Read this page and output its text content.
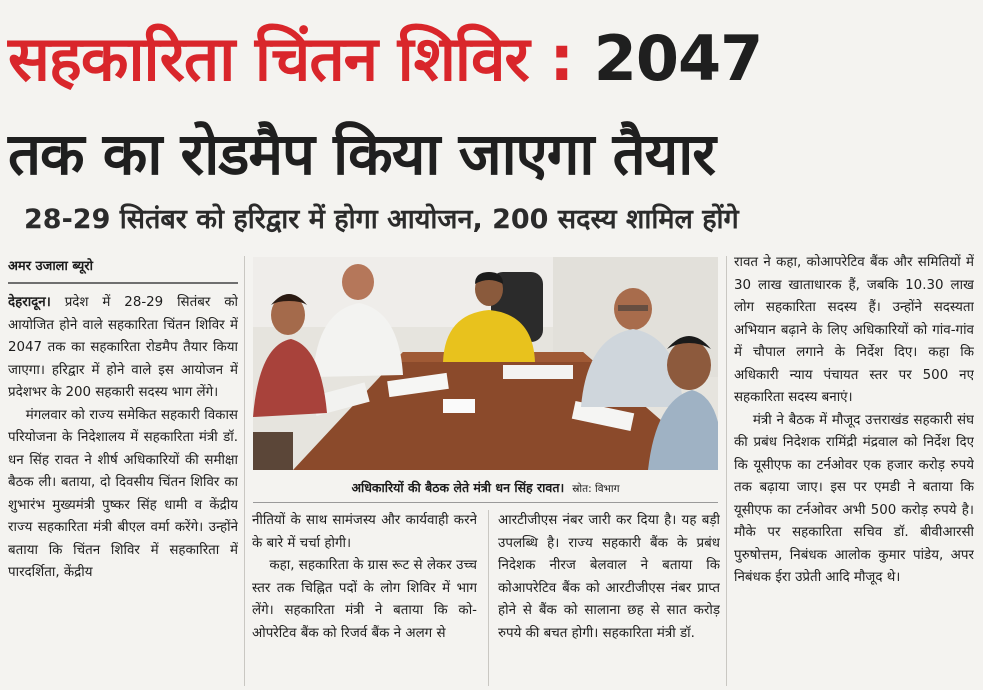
सहकारिता चिंतन शिविर : 2047
तक का रोडमैप किया जाएगा तैयार
28-29 सितंबर को हरिद्वार में होगा आयोजन, 200 सदस्य शामिल होंगे
अमर उजाला ब्यूरो

देहरादून। प्रदेश में 28-29 सितंबर को आयोजित होने वाले सहकारिता चिंतन शिविर में 2047 तक का सहकारिता रोडमैप तैयार किया जाएगा। हरिद्वार में होने वाले इस आयोजन में प्रदेशभर के 200 सहकारी सदस्य भाग लेंगे।

मंगलवार को राज्य समेकित सहकारी विकास परियोजना के निदेशालय में सहकारिता मंत्री डॉ. धन सिंह रावत ने शीर्ष अधिकारियों की समीक्षा बैठक ली। बताया, दो दिवसीय चिंतन शिविर का शुभारंभ मुख्यमंत्री पुष्कर सिंह धामी व केंद्रीय राज्य सहकारिता मंत्री बीएल वर्मा करेंगे। उन्होंने बताया कि चिंतन शिविर में सहकारिता में पारदर्शिता, केंद्रीय

अधिकारियों की बैठक लेते मंत्री धन सिंह रावत। स्रोत: विभाग

नीतियों के साथ सामंजस्य और कार्यवाही करने के बारे में चर्चा होगी।

कहा, सहकारिता के ग्रास रूट से लेकर उच्च स्तर तक चिह्नित पदों के लोग शिविर में भाग लेंगे। सहकारिता मंत्री ने बताया कि को-ओपरेटिव बैंक को रिजर्व बैंक ने अलग से

आरटीजीएस नंबर जारी कर दिया है। यह बड़ी उपलब्धि है। राज्य सहकारी बैंक के प्रबंध निदेशक नीरज बेलवाल ने बताया कि कोआपरेटिव बैंक को आरटीजीएस नंबर प्राप्त होने से बैंक को सालाना छह से सात करोड़ रुपये की बचत होगी। सहकारिता मंत्री डॉ.

रावत ने कहा, कोआपरेटिव बैंक और समितियों में 30 लाख खाताधारक हैं, जबकि 10.30 लाख लोग सहकारिता सदस्य हैं। उन्होंने सदस्यता अभियान बढ़ाने के लिए अधिकारियों को गांव-गांव में चौपाल लगाने के निर्देश दिए। कहा कि अधिकारी न्याय पंचायत स्तर पर 500 नए सहकारिता सदस्य बनाएं।

मंत्री ने बैठक में मौजूद उत्तराखंड सहकारी संघ की प्रबंध निदेशक रामिंद्री मंद्रवाल को निर्देश दिए कि यूसीएफ का टर्नओवर एक हजार करोड़ रुपये तक बढ़ाया जाए। इस पर एमडी ने बताया कि यूसीएफ का टर्नओवर अभी 500 करोड़ रुपये है। मौके पर सहकारिता सचिव डॉ. बीवीआरसी पुरुषोत्तम, निबंधक आलोक कुमार पांडेय, अपर निबंधक ईरा उप्रेती आदि मौजूद थे।
